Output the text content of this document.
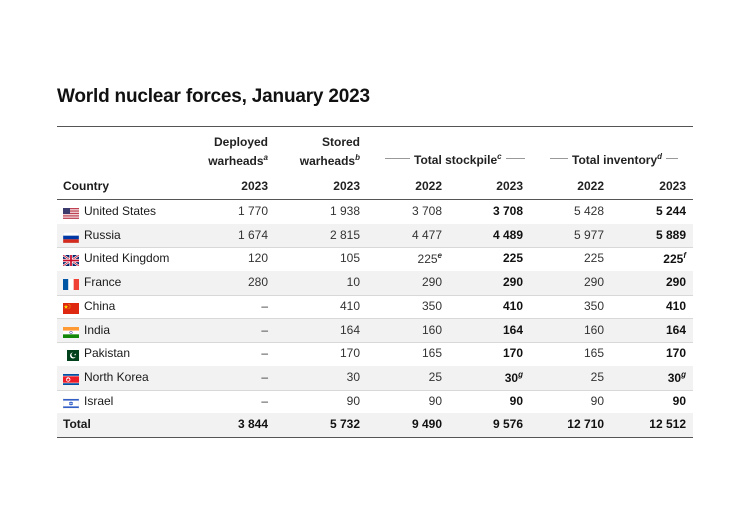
World nuclear forces, January 2023
Deployed
warheads$^a$
Stored
warheads$^b$	Total stockpile$^c$	Total inventory$^d$
Country	2023	2023	2022	2023	2022	2023
United States	1 770	1 938	3 708	3 708	5 428	5 244
Russia	1 674	2 815	4 477	4 489	5 977	5 889
United Kingdom	120	105	225e	225	225	225$^f$
France	280	10	290	290	290	290
China	–	410	350	410	350	410
India	–	164	160	164	160	164
Pakistan	–	170	165	170	165	170
North Korea	–	30	25	30$^g$	25	30$^g$
Israel	–	90	90	90	90	90
Total	3 844	5 732	9 490	9 576	12 710	12 512
